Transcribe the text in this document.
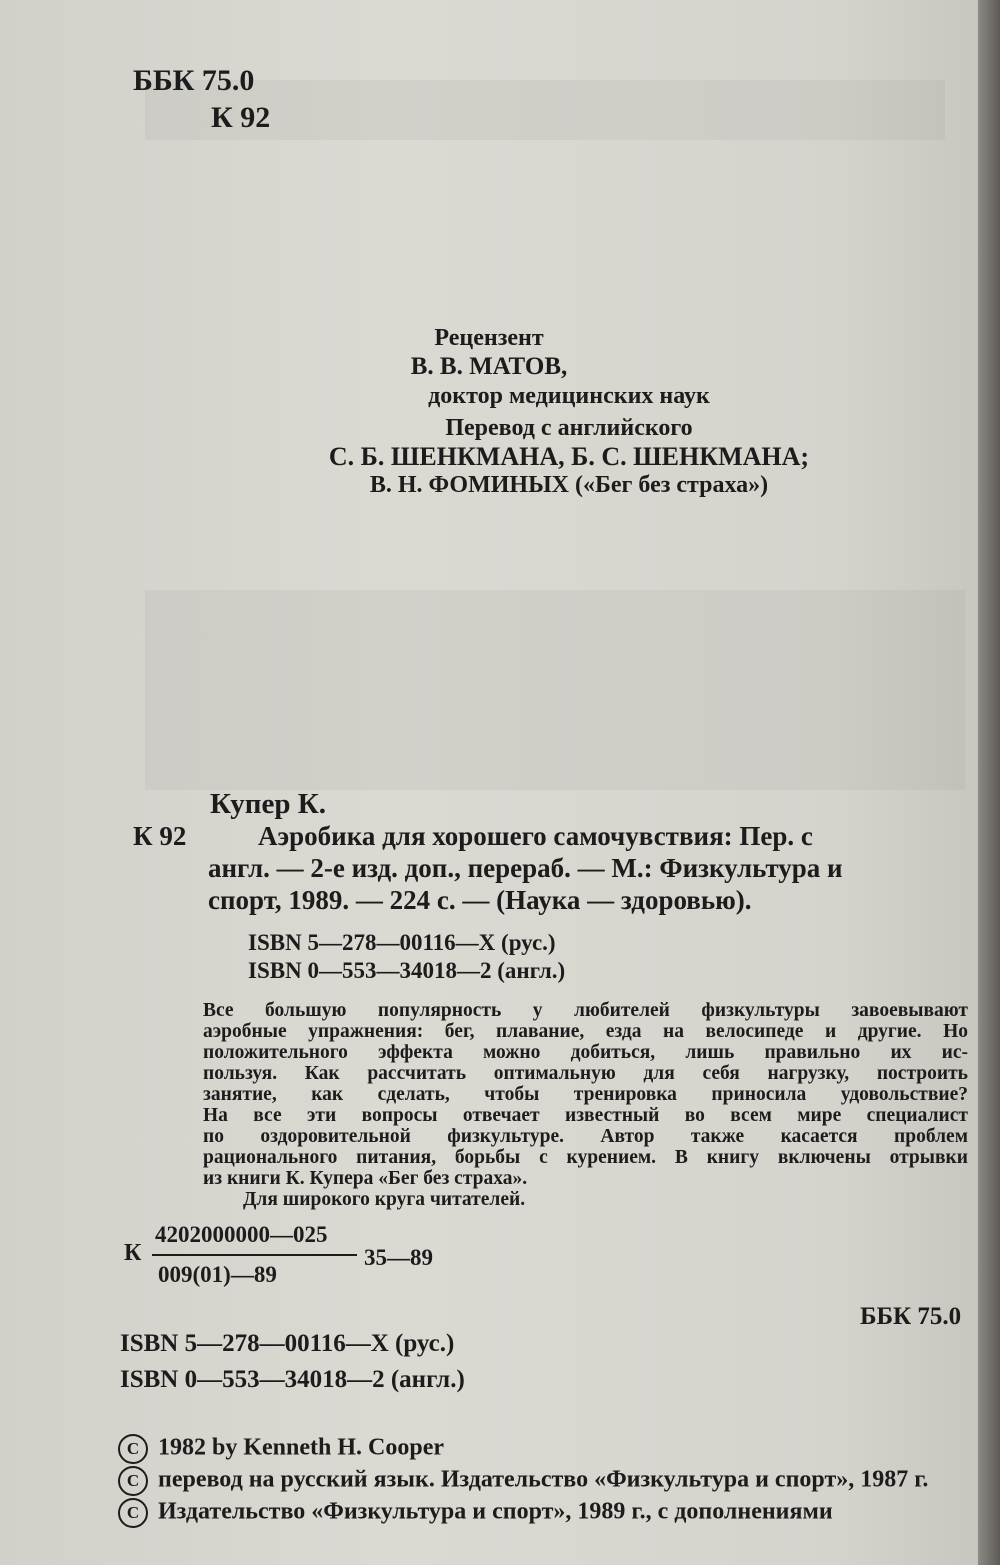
ББК 75.0
К 92
Рецензент
В. В. МАТОВ,
доктор медицинских наук
Перевод с английского
С. Б. ШЕНКМАНА, Б. С. ШЕНКМАНА;
В. Н. ФОМИНЫХ («Бег без страха»)
Купер К.
К 92	Аэробика для хорошего самочувствия: Пер. с
англ. — 2-е изд. доп., перераб. — М.: Физкультура и
спорт, 1989. — 224 с. — (Наука — здоровью).
ISBN 5—278—00116—X (рус.)
ISBN 0—553—34018—2 (англ.)

Все большую популярность у любителей физкультуры завоевывают

аэробные упражнения: бег, плавание, езда на велосипеде и другие. Но

положительного эффекта можно добиться, лишь правильно их ис-

пользуя. Как рассчитать оптимальную для себя нагрузку, построить

занятие, как сделать, чтобы тренировка приносила удовольствие?

На все эти вопросы отвечает известный во всем мире специалист

по оздоровительной физкультуре. Автор также касается проблем

рационального питания, борьбы с курением. В книгу включены отрывки

из книги К. Купера «Бег без страха».

Для широкого круга читателей.

К
4202000000—025
009(01)—89
35—89
ББК 75.0
ISBN 5—278—00116—X (рус.)
ISBN 0—553—34018—2 (англ.)
C 1982 by Kenneth H. Cooper
C перевод на русский язык. Издательство «Физкультура и спорт», 1987 г.
C Издательство «Физкультура и спорт», 1989 г., с дополнениями
